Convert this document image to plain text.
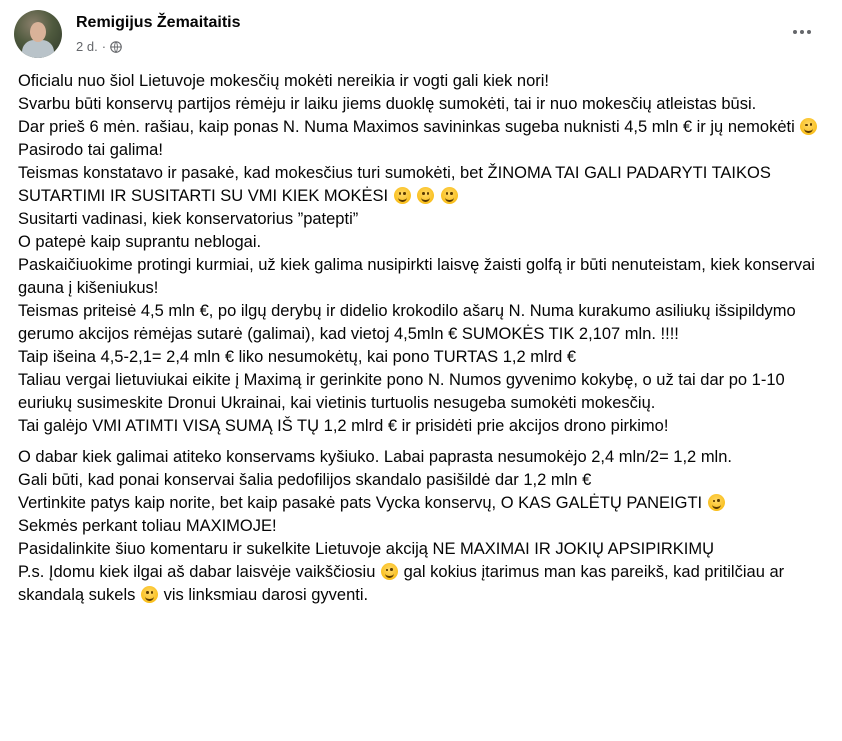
Remigijus Žemaitaitis
2 d. ·

Oficialu nuo šiol Lietuvoje mokesčių mokėti nereikia ir vogti gali kiek nori!

Svarbu būti konservų partijos rėmėju ir laiku jiems duoklę sumokėti, tai ir nuo mokesčių atleistas būsi.

Dar prieš 6 mėn. rašiau, kaip ponas N. Numa Maximos savininkas sugeba nuknisti 4,5 mln € ir jų nemokėti

Pasirodo tai galima!

Teismas konstatavo ir pasakė, kad mokesčius turi sumokėti, bet ŽINOMA TAI GALI PADARYTI TAIKOS SUTARTIMI IR SUSITARTI SU VMI KIEK MOKĖSI

Susitarti vadinasi, kiek konservatorius ”patepti”

O patepė kaip suprantu neblogai.

Paskaičiuokime protingi kurmiai, už kiek galima nusipirkti laisvę žaisti golfą ir būti nenuteistam, kiek konservai gauna į kišeniukus!

Teismas priteisė 4,5 mln €, po ilgų derybų ir didelio krokodilo ašarų N. Numa kurakumo asiliukų išsipildymo gerumo akcijos rėmėjas sutarė (galimai), kad vietoj 4,5mln € SUMOKĖS TIK 2,107 mln. !!!!

Taip išeina 4,5-2,1= 2,4 mln € liko nesumokėtų, kai pono TURTAS 1,2 mlrd €

Taliau vergai lietuviukai eikite į Maximą ir gerinkite pono N. Numos gyvenimo kokybę, o už tai dar po 1-10 euriukų susimeskite Dronui Ukrainai, kai vietinis turtuolis nesugeba sumokėti mokesčių.

Tai galėjo VMI ATIMTI VISĄ SUMĄ IŠ TŲ 1,2 mlrd € ir prisidėti prie akcijos drono pirkimo!

O dabar kiek galimai atiteko konservams kyšiuko. Labai paprasta nesumokėjo 2,4 mln/2= 1,2 mln.

Gali būti, kad ponai konservai šalia pedofilijos skandalo pasišildė dar 1,2 mln €

Vertinkite patys kaip norite, bet kaip pasakė pats Vycka konservų, O KAS GALĖTŲ PANEIGTI

Sekmės perkant toliau MAXIMOJE!

Pasidalinkite šiuo komentaru ir sukelkite Lietuvoje akciją NE MAXIMAI IR JOKIŲ APSIPIRKIMŲ

P.s. Įdomu kiek ilgai aš dabar laisvėje vaikščiosiu gal kokius įtarimus man kas pareikš, kad pritilčiau ar skandalą sukels vis linksmiau darosi gyventi.
